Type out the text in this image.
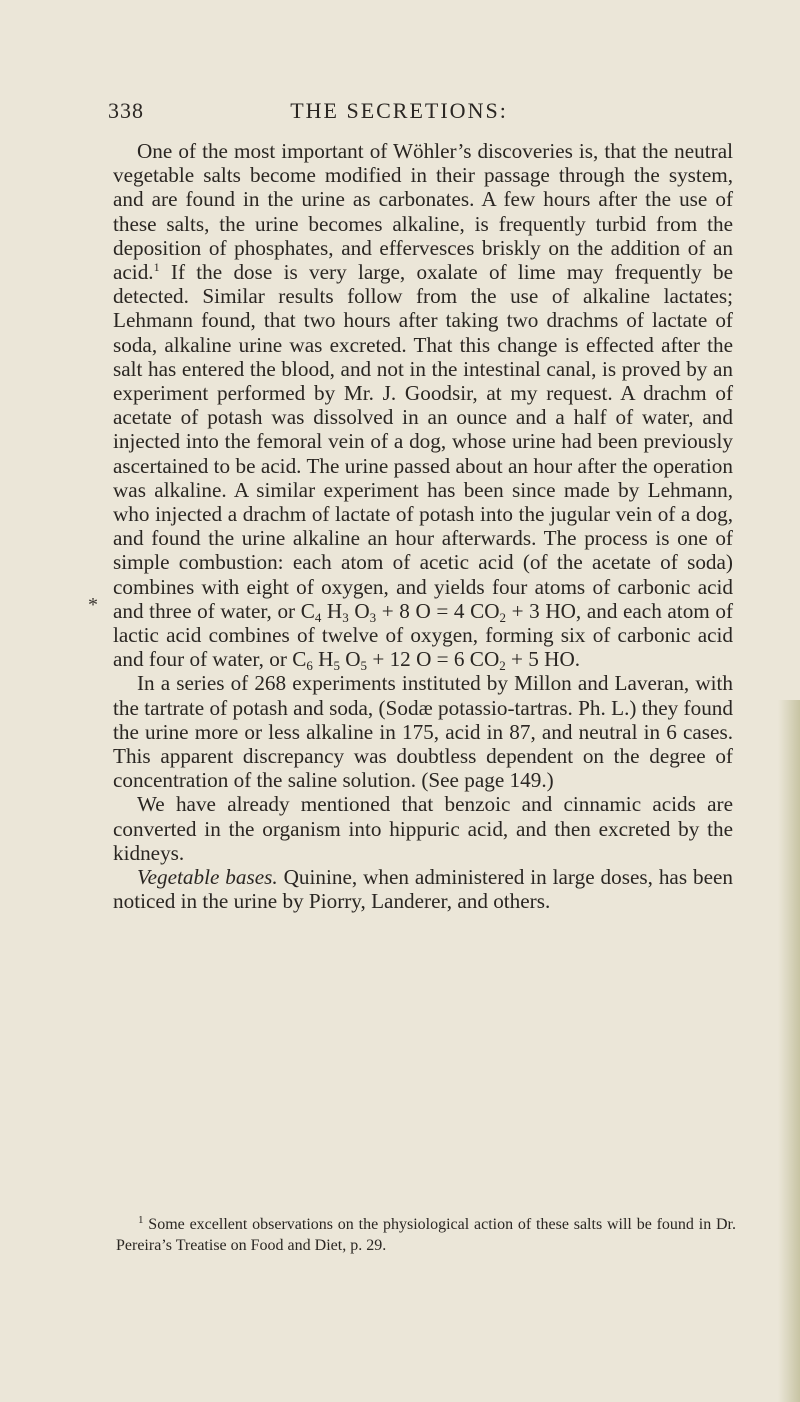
338	THE SECRETIONS:
*

One of the most important of Wöhler’s discoveries is, that the neutral vegetable salts become modified in their passage through the system, and are found in the urine as carbonates. A few hours after the use of these salts, the urine becomes alkaline, is frequently turbid from the deposition of phosphates, and effervesces briskly on the addition of an acid.$^1$ If the dose is very large, oxalate of lime may frequently be detected. Similar results follow from the use of alkaline lactates; Lehmann found, that two hours after taking two drachms of lactate of soda, alkaline urine was excreted. That this change is effected after the salt has entered the blood, and not in the intestinal canal, is proved by an experiment performed by Mr. J. Goodsir, at my request. A drachm of acetate of potash was dissolved in an ounce and a half of water, and injected into the femoral vein of a dog, whose urine had been previously ascertained to be acid. The urine passed about an hour after the operation was alkaline. A similar experiment has been since made by Lehmann, who injected a drachm of lactate of potash into the jugular vein of a dog, and found the urine alkaline an hour afterwards. The process is one of simple combustion: each atom of acetic acid (of the acetate of soda) combines with eight of oxygen, and yields four atoms of carbonic acid and three of water, or $C_4$ $H_3$ $O_3 + 8$ O = 4 $CO_2 + 3$ HO, and each atom of lactic acid combines of twelve of oxygen, forming six of carbonic acid and four of water, or $C_6$ $H_5$ $O_5 + 12$ O = 6 $CO_2 + 5$ HO.

In a series of 268 experiments instituted by Millon and Laveran, with the tartrate of potash and soda, (Sodæ potassio-tartras. Ph. L.) they found the urine more or less alkaline in 175, acid in 87, and neutral in 6 cases. This apparent discrepancy was doubtless dependent on the degree of concentration of the saline solution. (See page 149.)

We have already mentioned that benzoic and cinnamic acids are converted in the organism into hippuric acid, and then excreted by the kidneys.

Vegetable bases. Quinine, when administered in large doses, has been noticed in the urine by Piorry, Landerer, and others.

$^1$ Some excellent observations on the physiological action of these salts will be found in Dr. Pereira’s Treatise on Food and Diet, p. 29.
